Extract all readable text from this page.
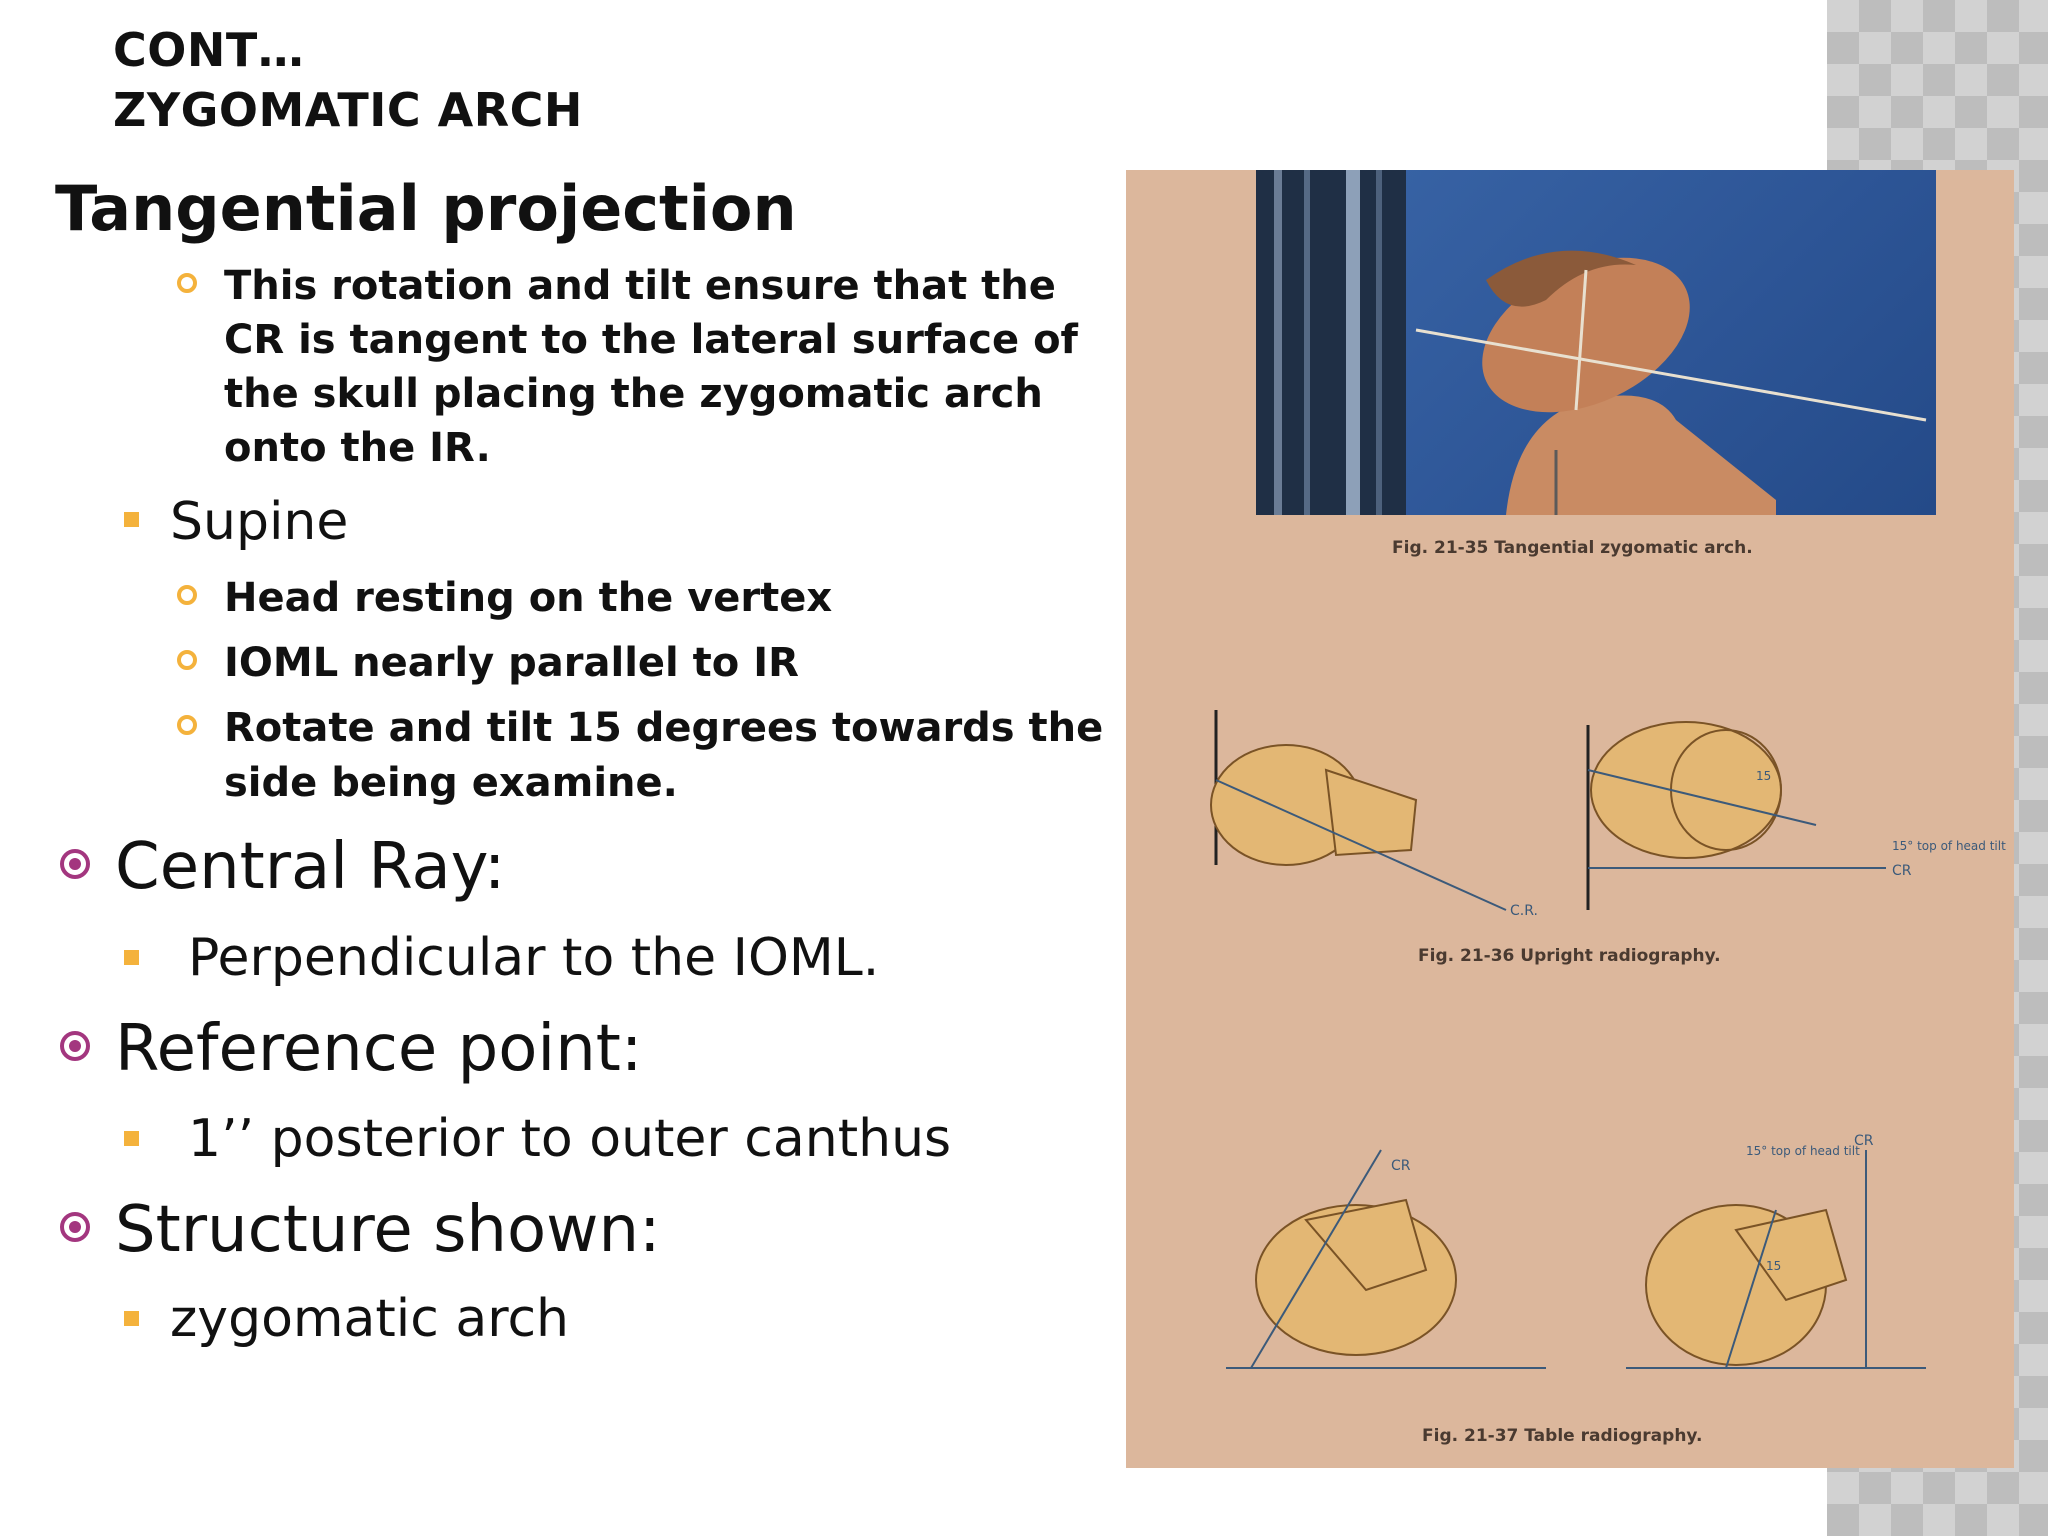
CONT…
ZYGOMATIC ARCH
Tangential projection
This rotation and tilt ensure that the
CR is tangent to the lateral surface of
the skull placing the zygomatic arch
onto the IR.
Supine
Head resting on the vertex
IOML nearly parallel to IR
Rotate and tilt 15 degrees towards the
side being examine.
Central Ray:
Perpendicular to the IOML.
Reference point:
1’’ posterior to outer canthus
Structure shown:
zygomatic arch
Fig. 21-35 Tangential zygomatic arch.
C.R.
CR
15° top of head tilt
15
Fig. 21-36 Upright radiography.
CR
CR
15° top of head tilt
15
Fig. 21-37 Table radiography.
